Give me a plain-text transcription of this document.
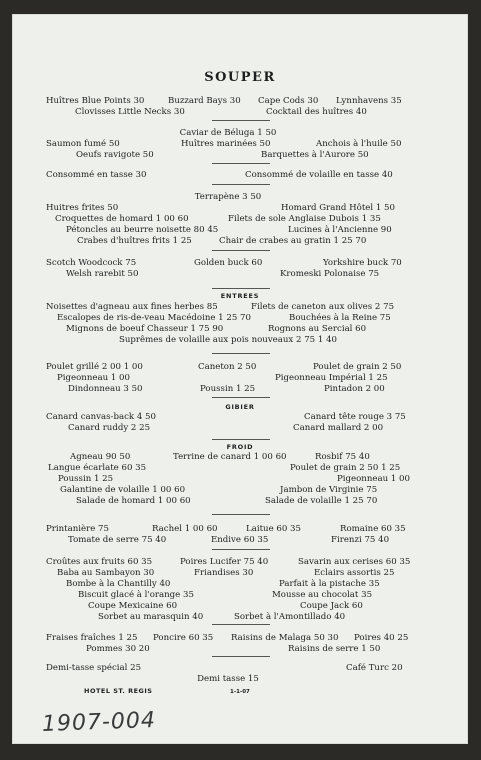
SOUPER
HOTEL ST. REGIS	1-1-07
Huîtres Blue Points 30	Buzzard Bays 30 Cape Cods 30 Lynnhavens 35
Clovisses Little Necks 30	Cocktail des huîtres 40
Caviar de Béluga 1 50
Saumon fumé 50	Huîtres marinées 50	Anchois à l'huile 50
Oeufs ravigote 50	Barquettes à l'Aurore 50
Consommé en tasse 30	Consommé de volaille en tasse 40
Terrapène 3 50
Huitres frites 50	Homard Grand Hôtel 1 50
Croquettes de homard 1 00 60	Filets de sole Anglaise Dubois 1 35
Pétoncles au beurre noisette 80 45	Lucines à l'Ancienne 90
Crabes d'huîtres frits 1 25	Chair de crabes au gratin 1 25 70
Scotch Woodcock 75	Golden buck 60	Yorkshire buck 70
Welsh rarebit 50	Kromeski Polonaise 75
Noisettes d'agneau aux fines herbes 85	Filets de caneton aux olives 2 75
Escalopes de ris-de-veau Macédoine 1 25 70	Bouchées à la Reine 75
Mignons de boeuf Chasseur 1 75 90	Rognons au Sercial 60
Suprêmes de volaille aux pois nouveaux 2 75 1 40
Poulet grillé 2 00 1 00	Caneton 2 50	Poulet de grain 2 50
Pigeonneau 1 00	Pigeonneau Impérial 1 25
Dindonneau 3 50	Poussin 1 25	Pintadon 2 00
Canard canvas-back 4 50	Canard tête rouge 3 75
Canard ruddy 2 25	Canard mallard 2 00
Agneau 90 50	Terrine de canard 1 00 60	Rosbif 75 40
Langue écarlate 60 35	Poulet de grain 2 50 1 25
Poussin 1 25	Pigeonneau 1 00
Galantine de volaille 1 00 60	Jambon de Virginie 75
Salade de homard 1 00 60	Salade de volaille 1 25 70
Printanière 75	Rachel 1 00 60	Laitue 60 35	Romaine 60 35
Tomate de serre 75 40	Endive 60 35	Firenzi 75 40
Croûtes aux fruits 60 35	Poires Lucifer 75 40	Savarin aux cerises 60 35
Baba au Sambayon 30	Friandises 30	Eclairs assortis 25
Bombe à la Chantilly 40	Parfait à la pistache 35
Biscuit glacé à l'orange 35	Mousse au chocolat 35
Coupe Mexicaine 60	Coupe Jack 60
Sorbet au marasquin 40	Sorbet à l'Amontillado 40
Fraises fraîches 1 25 Poncire 60 35 Raisins de Malaga 50 30 Poires 40 25
Pommes 30 20	Raisins de serre 1 50
Demi-tasse spécial 25	Café Turc 20
Demi tasse 15
ENTREES
GIBIER
FROID
1907-004
